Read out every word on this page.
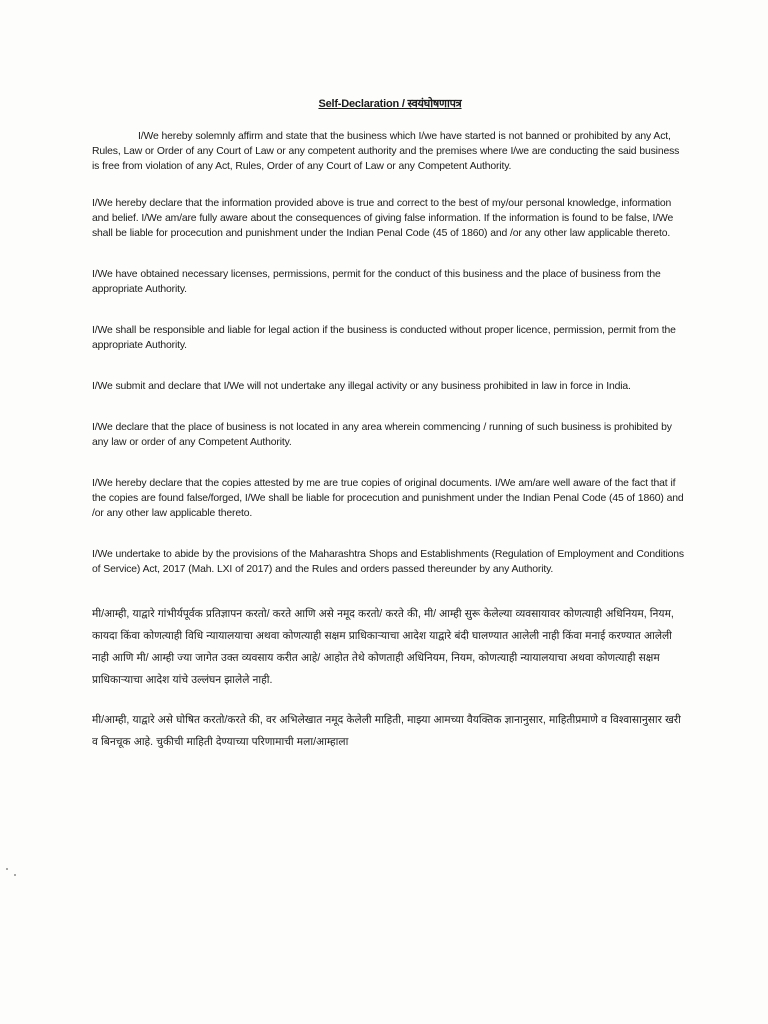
Self-Declaration / स्वयंघोषणापत्र

I/We hereby solemnly affirm and state that the business which I/we have started is not banned or prohibited by any Act, Rules, Law or Order of any Court of Law or any competent authority and the premises where I/we are conducting the said business is free from violation of any Act, Rules, Order of any Court of Law or any Competent Authority.

I/We hereby declare that the information provided above is true and correct to the best of my/our personal knowledge, information and belief. I/We am/are fully aware about the consequences of giving false information. If the information is found to be false, I/We shall be liable for procecution and punishment under the Indian Penal Code (45 of 1860) and /or any other law applicable thereto.

I/We have obtained necessary licenses, permissions, permit for the conduct of this business and the place of business from the appropriate Authority.

I/We shall be responsible and liable for legal action if the business is conducted without proper licence, permission, permit from the appropriate Authority.

I/We submit and declare that I/We will not undertake any illegal activity or any business prohibited in law in force in India.

I/We declare that the place of business is not located in any area wherein commencing / running of such business is prohibited by any law or order of any Competent Authority.

I/We hereby declare that the copies attested by me are true copies of original documents. I/We am/are well aware of the fact that if the copies are found false/forged, I/We shall be liable for procecution and punishment under the Indian Penal Code (45 of 1860) and /or any other law applicable thereto.

I/We undertake to abide by the provisions of the Maharashtra Shops and Establishments (Regulation of Employment and Conditions of Service) Act, 2017 (Mah. LXI of 2017) and the Rules and orders passed thereunder by any Authority.

मी/आम्ही, याद्वारे गांभीर्यपूर्वक प्रतिज्ञापन करतो/ करते आणि असे नमूद करतो/ करते की, मी/ आम्ही सुरू केलेल्या व्यवसायावर कोणत्याही अधिनियम, नियम, कायदा किंवा कोणत्याही विधि न्यायालयाचा अथवा कोणत्याही सक्षम प्राधिकाऱ्याचा आदेश याद्वारे बंदी घालण्यात आलेली नाही किंवा मनाई करण्यात आलेली नाही आणि मी/ आम्ही ज्या जागेत उक्त व्यवसाय करीत आहे/ आहोत तेथे कोणताही अधिनियम, नियम, कोणत्याही न्यायालयाचा अथवा कोणत्याही सक्षम प्राधिकाऱ्याचा आदेश यांचे उल्लंघन झालेले नाही.

मी/आम्ही, याद्वारे असे घोषित करतो/करते की, वर अभिलेखात नमूद केलेली माहिती, माझ्या आमच्या वैयक्तिक ज्ञानानुसार, माहितीप्रमाणे व विश्वासानुसार खरी व बिनचूक आहे. चुकीची माहिती देण्याच्या परिणामाची मला/आम्हाला
